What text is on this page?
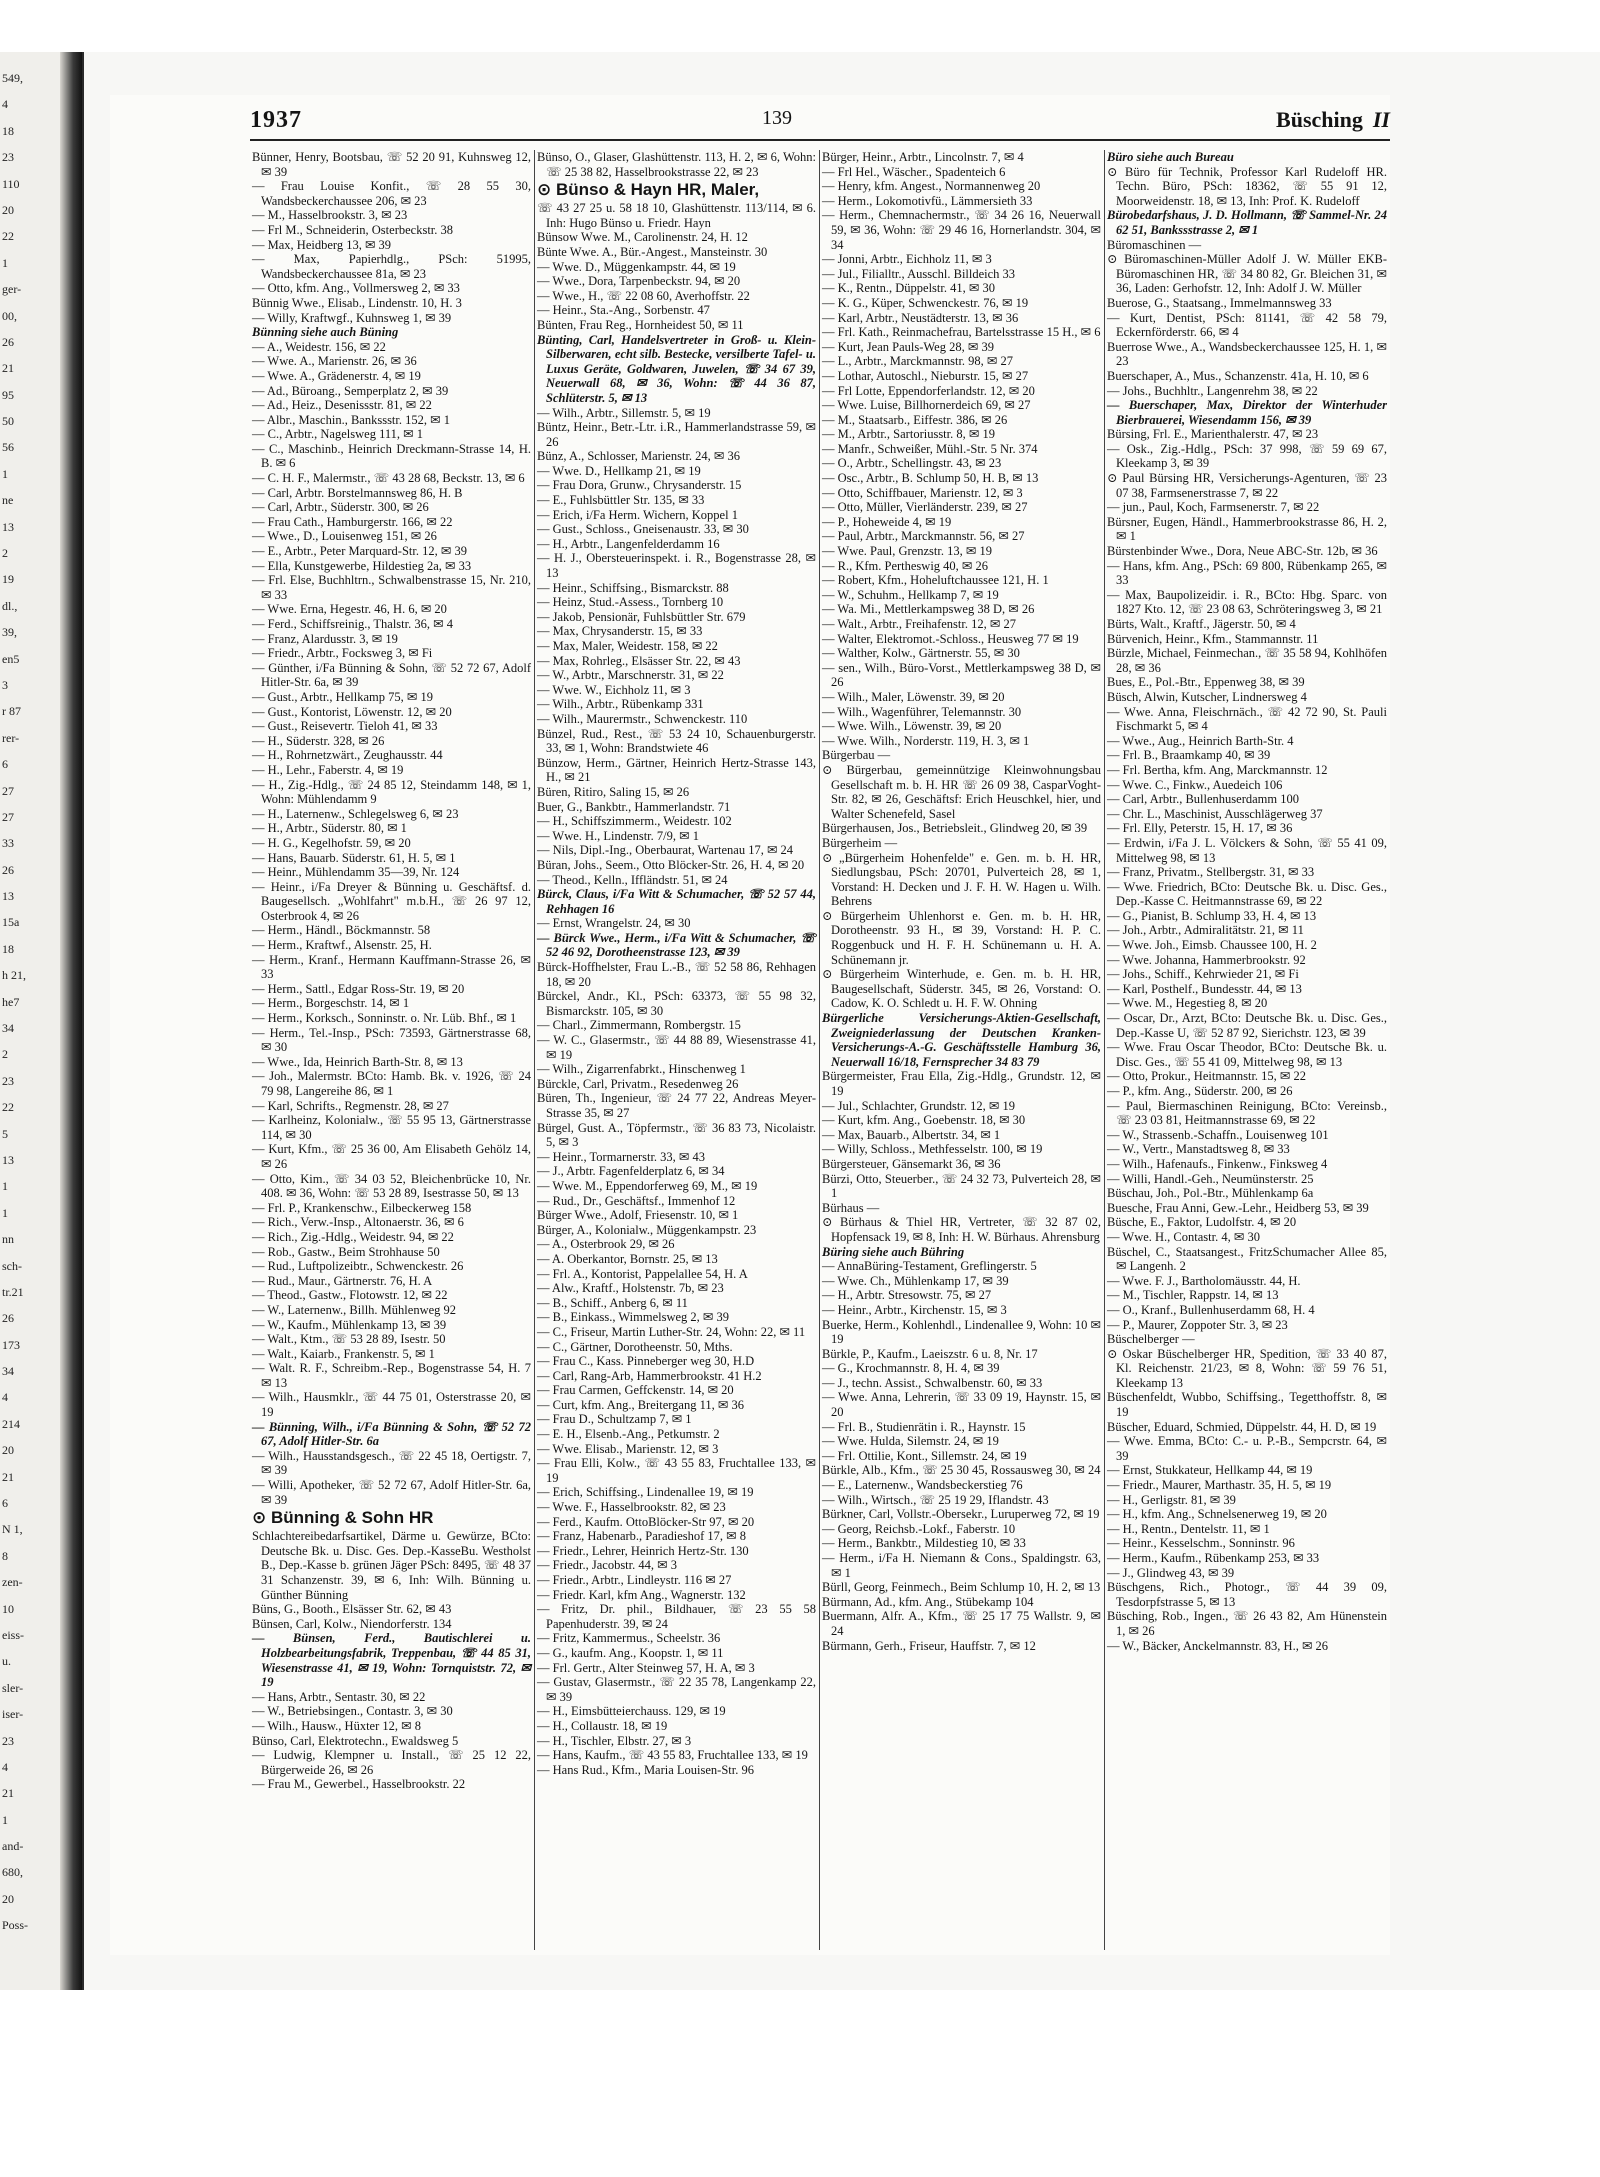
549,
4
18
23
110
20
22
1
ger-
00,
26
21
95
50
56
1
ne
13
2
19
dl.,
39,
en5
3
r 87
rer-
6
27
27
33
26
13
15a
18
h 21,
he7
34
2
23
22
5
13
1
1
nn
sch-
tr.21
26
173
34
4
214
20
21
6
N 1,
8
zen-
10
eiss-
u.
sler-
iser-
23
4
21
1
and-
680,
20
Poss-
1937	139	Büsching II

Bünner, Henry, Bootsbau, ☏ 52 20 91, Kuhnsweg 12, ✉ 39

— Frau Louise Konfit., ☏ 28 55 30, Wandsbeckerchaussee 206, ✉ 23

— M., Hasselbrookstr. 3, ✉ 23

— Frl M., Schneiderin, Osterbeckstr. 38

— Max, Heidberg 13, ✉ 39

— Max, Papierhdlg., PSch: 51995, Wandsbeckerchaussee 81a, ✉ 23

— Otto, kfm. Ang., Vollmersweg 2, ✉ 33

Bünnig Wwe., Elisab., Lindenstr. 10, H. 3

— Willy, Kraftwgf., Kuhnsweg 1, ✉ 39

Bünning siehe auch Büning

— A., Weidestr. 156, ✉ 22

— Wwe. A., Marienstr. 26, ✉ 36

— Wwe. A., Grädenerstr. 4, ✉ 19

— Ad., Büroang., Semperplatz 2, ✉ 39

— Ad., Heiz., Desenissstr. 81, ✉ 22

— Albr., Maschin., Bankssstr. 152, ✉ 1

— C., Arbtr., Nagelsweg 111, ✉ 1

— C., Maschinb., Heinrich Dreckmann-Strasse 14, H. B. ✉ 6

— C. H. F., Malermstr., ☏ 43 28 68, Beckstr. 13, ✉ 6

— Carl, Arbtr. Borstelmannsweg 86, H. B

— Carl, Arbtr., Süderstr. 300, ✉ 26

— Frau Cath., Hamburgerstr. 166, ✉ 22

— Wwe., D., Louisenweg 151, ✉ 26

— E., Arbtr., Peter Marquard-Str. 12, ✉ 39

— Ella, Kunstgewerbe, Hildestieg 2a, ✉ 33

— Frl. Else, Buchhltrn., Schwalbenstrasse 15, Nr. 210, ✉ 33

— Wwe. Erna, Hegestr. 46, H. 6, ✉ 20

— Ferd., Schiffsreinig., Thalstr. 36, ✉ 4

— Franz, Alardusstr. 3, ✉ 19

— Friedr., Arbtr., Focksweg 3, ✉ Fi

— Günther, i/Fa Bünning & Sohn, ☏ 52 72 67, Adolf Hitler-Str. 6a, ✉ 39

— Gust., Arbtr., Hellkamp 75, ✉ 19

— Gust., Kontorist, Löwenstr. 12, ✉ 20

— Gust., Reisevertr. Tieloh 41, ✉ 33

— H., Süderstr. 328, ✉ 26

— H., Rohrnetzwärt., Zeughausstr. 44

— H., Lehr., Faberstr. 4, ✉ 19

— H., Zig.-Hdlg., ☏ 24 85 12, Steindamm 148, ✉ 1, Wohn: Mühlendamm 9

— H., Laternenw., Schlegelsweg 6, ✉ 23

— H., Arbtr., Süderstr. 80, ✉ 1

— H. G., Kegelhofstr. 59, ✉ 20

— Hans, Bauarb. Süderstr. 61, H. 5, ✉ 1

— Heinr., Mühlendamm 35—39, Nr. 124

— Heinr., i/Fa Dreyer & Bünning u. Geschäftsf. d. Baugesellsch. „Wohlfahrt" m.b.H., ☏ 26 97 12, Osterbrook 4, ✉ 26

— Herm., Händl., Böckmannstr. 58

— Herm., Kraftwf., Alsenstr. 25, H.

— Herm., Kranf., Hermann Kauffmann-Strasse 26, ✉ 33

— Herm., Sattl., Edgar Ross-Str. 19, ✉ 20

— Herm., Borgeschstr. 14, ✉ 1

— Herm., Korksch., Sonninstr. o. Nr. Lüb. Bhf., ✉ 1

— Herm., Tel.-Insp., PSch: 73593, Gärtnerstrasse 68, ✉ 30

— Wwe., Ida, Heinrich Barth-Str. 8, ✉ 13

— Joh., Malermstr. BCto: Hamb. Bk. v. 1926, ☏ 24 79 98, Langereihe 86, ✉ 1

— Karl, Schrifts., Regmenstr. 28, ✉ 27

— Karlheinz, Kolonialw., ☏ 55 95 13, Gärtnerstrasse 114, ✉ 30

— Kurt, Kfm., ☏ 25 36 00, Am Elisabeth Gehölz 14, ✉ 26

— Otto, Kim., ☏ 34 03 52, Bleichenbrücke 10, Nr. 408. ✉ 36, Wohn: ☏ 53 28 89, Isestrasse 50, ✉ 13

— Frl. P., Krankenschw., Eilbeckerweg 158

— Rich., Verw.-Insp., Altonaerstr. 36, ✉ 6

— Rich., Zig.-Hdlg., Weidestr. 94, ✉ 22

— Rob., Gastw., Beim Strohhause 50

— Rud., Luftpolizeibtr., Schwenckestr. 26

— Rud., Maur., Gärtnerstr. 76, H. A

— Theod., Gastw., Flotowstr. 12, ✉ 22

— W., Laternenw., Billh. Mühlenweg 92

— W., Kaufm., Mühlenkamp 13, ✉ 39

— Walt., Ktm., ☏ 53 28 89, Isestr. 50

— Walt., Kaiarb., Frankenstr. 5, ✉ 1

— Walt. R. F., Schreibm.-Rep., Bogenstrasse 54, H. 7 ✉ 13

— Wilh., Hausmklr., ☏ 44 75 01, Osterstrasse 20, ✉ 19

— Bünning, Wilh., i/Fa Bünning & Sohn, ☏ 52 72 67, Adolf Hitler-Str. 6a

— Wilh., Hausstandsgesch., ☏ 22 45 18, Oertigstr. 7, ✉ 39

— Willi, Apotheker, ☏ 52 72 67, Adolf Hitler-Str. 6a, ✉ 39

⊙ Bünning & Sohn HR

Schlachtereibedarfsartikel, Därme u. Gewürze, BCto: Deutsche Bk. u. Disc. Ges. Dep.-KasseBu. Westholst B., Dep.-Kasse b. grünen Jäger PSch: 8495, ☏ 48 37 31 Schanzenstr. 39, ✉ 6, Inh: Wilh. Bünning u. Günther Bünning

Büns, G., Booth., Elsässer Str. 62, ✉ 43

Bünsen, Carl, Kolw., Niendorferstr. 134

— Bünsen, Ferd., Bautischlerei u. Holzbearbeitungsfabrik, Treppenbau, ☏ 44 85 31, Wiesenstrasse 41, ✉ 19, Wohn: Tornquiststr. 72, ✉ 19

— Hans, Arbtr., Sentastr. 30, ✉ 22

— W., Betriebsingen., Contastr. 3, ✉ 30

— Wilh., Hausw., Hüxter 12, ✉ 8

Bünso, Carl, Elektrotechn., Ewaldsweg 5

— Ludwig, Klempner u. Install., ☏ 25 12 22, Bürgerweide 26, ✉ 26

— Frau M., Gewerbel., Hasselbrookstr. 22

Bünso, O., Glaser, Glashüttenstr. 113, H. 2, ✉ 6, Wohn: ☏ 25 38 82, Hasselbrookstrasse 22, ✉ 23

⊙ Bünso & Hayn HR, Maler,

☏ 43 27 25 u. 58 18 10, Glashüttenstr. 113/114, ✉ 6. Inh: Hugo Bünso u. Friedr. Hayn

Bünsow Wwe. M., Carolinenstr. 24, H. 12

Bünte Wwe. A., Bür.-Angest., Mansteinstr. 30

— Wwe. D., Müggenkampstr. 44, ✉ 19

— Wwe., Dora, Tarpenbeckstr. 94, ✉ 20

— Wwe., H., ☏ 22 08 60, Averhoffstr. 22

— Heinr., Sta.-Ang., Sorbenstr. 47

Bünten, Frau Reg., Hornheidest 50, ✉ 11

Bünting, Carl, Handelsvertreter in Groß- u. Klein-Silberwaren, echt silb. Bestecke, versilberte Tafel- u. Luxus Geräte, Goldwaren, Juwelen, ☏ 34 67 39, Neuerwall 68, ✉ 36, Wohn: ☏ 44 36 87, Schlüterstr. 5, ✉ 13

— Wilh., Arbtr., Sillemstr. 5, ✉ 19

Büntz, Heinr., Betr.-Ltr. i.R., Hammerlandstrasse 59, ✉ 26

Bünz, A., Schlosser, Marienstr. 24, ✉ 36

— Wwe. D., Hellkamp 21, ✉ 19

— Frau Dora, Grunw., Chrysanderstr. 15

— E., Fuhlsbüttler Str. 135, ✉ 33

— Erich, i/Fa Herm. Wichern, Koppel 1

— Gust., Schloss., Gneisenaustr. 33, ✉ 30

— H., Arbtr., Langenfelderdamm 16

— H. J., Obersteuerinspekt. i. R., Bogenstrasse 28, ✉ 13

— Heinr., Schiffsing., Bismarckstr. 88

— Heinz, Stud.-Assess., Tornberg 10

— Jakob, Pensionär, Fuhlsbüttler Str. 679

— Max, Chrysanderstr. 15, ✉ 33

— Max, Maler, Weidestr. 158, ✉ 22

— Max, Rohrleg., Elsässer Str. 22, ✉ 43

— W., Arbtr., Marschnerstr. 31, ✉ 22

— Wwe. W., Eichholz 11, ✉ 3

— Wilh., Arbtr., Rübenkamp 331

— Wilh., Maurermstr., Schwenckestr. 110

Bünzel, Rud., Rest., ☏ 53 24 10, Schauenburgerstr. 33, ✉ 1, Wohn: Brandstwiete 46

Bünzow, Herm., Gärtner, Heinrich Hertz-Strasse 143, H., ✉ 21

Büren, Ritiro, Saling 15, ✉ 26

Buer, G., Bankbtr., Hammerlandstr. 71

— H., Schiffszimmerm., Weidestr. 102

— Wwe. H., Lindenstr. 7/9, ✉ 1

— Nils, Dipl.-Ing., Oberbaurat, Wartenau 17, ✉ 24

Büran, Johs., Seem., Otto Blöcker-Str. 26, H. 4, ✉ 20

— Theod., Kelln., Iffländstr. 51, ✉ 24

Bürck, Claus, i/Fa Witt & Schumacher, ☏ 52 57 44, Rehhagen 16

— Ernst, Wrangelstr. 24, ✉ 30

— Bürck Wwe., Herm., i/Fa Witt & Schumacher, ☏ 52 46 92, Dorotheenstrasse 123, ✉ 39

Bürck-Hoffhelster, Frau L.-B., ☏ 52 58 86, Rehhagen 18, ✉ 20

Bürckel, Andr., Kl., PSch: 63373, ☏ 55 98 32, Bismarckstr. 105, ✉ 30

— Charl., Zimmermann, Rombergstr. 15

— W. C., Glasermstr., ☏ 44 88 89, Wiesenstrasse 41, ✉ 19

— Wilh., Zigarrenfabrkt., Hinschenweg 1

Bürckle, Carl, Privatm., Resedenweg 26

Büren, Th., Ingenieur, ☏ 24 77 22, Andreas Meyer-Strasse 35, ✉ 27

Bürgel, Gust. A., Töpfermstr., ☏ 36 83 73, Nicolaistr. 5, ✉ 3

— Heinr., Tormarnerstr. 33, ✉ 43

— J., Arbtr. Fagenfelderplatz 6, ✉ 34

— Wwe. M., Eppendorferweg 69, M., ✉ 19

— Rud., Dr., Geschäftsf., Immenhof 12

Bürger Wwe., Adolf, Friesenstr. 10, ✉ 1

Bürger, A., Kolonialw., Müggenkampstr. 23

— A., Osterbrook 29, ✉ 26

— A. Oberkantor, Bornstr. 25, ✉ 13

— Frl. A., Kontorist, Pappelallee 54, H. A

— Alw., Kraftf., Holstenstr. 7b, ✉ 23

— B., Schiff., Anberg 6, ✉ 11

— B., Einkass., Wimmelsweg 2, ✉ 39

— C., Friseur, Martin Luther-Str. 24, Wohn: 22, ✉ 11

— C., Gärtner, Dorotheenstr. 50, Mths.

— Frau C., Kass. Pinneberger weg 30, H.D

— Carl, Rang-Arb, Hammerbrookstr. 41 H.2

— Frau Carmen, Geffckenstr. 14, ✉ 20

— Curt, kfm. Ang., Breitergang 11, ✉ 36

— Frau D., Schultzamp 7, ✉ 1

— E. H., Elsenb.-Ang., Petkumstr. 2

— Wwe. Elisab., Marienstr. 12, ✉ 3

— Frau Elli, Kolw., ☏ 43 55 83, Fruchtallee 133, ✉ 19

— Erich, Schiffsing., Lindenallee 19, ✉ 19

— Wwe. F., Hasselbrookstr. 82, ✉ 23

— Ferd., Kaufm. OttoBlöcker-Str 97, ✉ 20

— Franz, Habenarb., Paradieshof 17, ✉ 8

— Friedr., Lehrer, Heinrich Hertz-Str. 130

— Friedr., Jacobstr. 44, ✉ 3

— Friedr., Arbtr., Lindleystr. 116 ✉ 27

— Friedr. Karl, kfm Ang., Wagnerstr. 132

— Fritz, Dr. phil., Bildhauer, ☏ 23 55 58 Papenhuderstr. 39, ✉ 24

— Fritz, Kammermus., Scheelstr. 36

— G., kaufm. Ang., Koopstr. 1, ✉ 11

— Frl. Gertr., Alter Steinweg 57, H. A, ✉ 3

— Gustav, Glasermstr., ☏ 22 35 78, Langenkamp 22, ✉ 39

— H., Eimsbütteierchauss. 129, ✉ 19

— H., Collaustr. 18, ✉ 19

— H., Tischler, Elbstr. 27, ✉ 3

— Hans, Kaufm., ☏ 43 55 83, Fruchtallee 133, ✉ 19

— Hans Rud., Kfm., Maria Louisen-Str. 96

Bürger, Heinr., Arbtr., Lincolnstr. 7, ✉ 4

— Frl Hel., Wäscher., Spadenteich 6

— Henry, kfm. Angest., Normannenweg 20

— Herm., Lokomotivfü., Lämmersieth 33

— Herm., Chemnachermstr., ☏ 34 26 16, Neuerwall 59, ✉ 36, Wohn: ☏ 29 46 16, Hornerlandstr. 304, ✉ 34

— Jonni, Arbtr., Eichholz 11, ✉ 3

— Jul., Filialltr., Ausschl. Billdeich 33

— K., Rentn., Düppelstr. 41, ✉ 30

— K. G., Küper, Schwenckestr. 76, ✉ 19

— Karl, Arbtr., Neustädterstr. 13, ✉ 36

— Frl. Kath., Reinmachefrau, Bartelsstrasse 15 H., ✉ 6

— Kurt, Jean Pauls-Weg 28, ✉ 39

— L., Arbtr., Marckmannstr. 98, ✉ 27

— Lothar, Autoschl., Nieburstr. 15, ✉ 27

— Frl Lotte, Eppendorferlandstr. 12, ✉ 20

— Wwe. Luise, Billhornerdeich 69, ✉ 27

— M., Staatsarb., Eiffestr. 386, ✉ 26

— M., Arbtr., Sartoriusstr. 8, ✉ 19

— Manfr., Schweißer, Mühl.-Str. 5 Nr. 374

— O., Arbtr., Schellingstr. 43, ✉ 23

— Osc., Arbtr., B. Schlump 50, H. B, ✉ 13

— Otto, Schiffbauer, Marienstr. 12, ✉ 3

— Otto, Müller, Vierländerstr. 239, ✉ 27

— P., Hoheweide 4, ✉ 19

— Paul, Arbtr., Marckmannstr. 56, ✉ 27

— Wwe. Paul, Grenzstr. 13, ✉ 19

— R., Kfm. Pertheswig 40, ✉ 26

— Robert, Kfm., Hoheluftchaussee 121, H. 1

— W., Schuhm., Hellkamp 7, ✉ 19

— Wa. Mi., Mettlerkampsweg 38 D, ✉ 26

— Walt., Arbtr., Freihafenstr. 12, ✉ 27

— Walter, Elektromot.-Schloss., Heusweg 77 ✉ 19

— Walther, Kolw., Gärtnerstr. 55, ✉ 30

— sen., Wilh., Büro-Vorst., Mettlerkampsweg 38 D, ✉ 26

— Wilh., Maler, Löwenstr. 39, ✉ 20

— Wilh., Wagenführer, Telemannstr. 30

— Wwe. Wilh., Löwenstr. 39, ✉ 20

— Wwe. Wilh., Norderstr. 119, H. 3, ✉ 1

Bürgerbau —

⊙ Bürgerbau, gemeinnützige Kleinwohnungsbau Gesellschaft m. b. H. HR ☏ 26 09 38, CasparVoght-Str. 82, ✉ 26, Geschäftsf: Erich Heuschkel, hier, und Walter Schenefeld, Sasel

Bürgerhausen, Jos., Betriebsleit., Glindweg 20, ✉ 39

Bürgerheim —

⊙ „Bürgerheim Hohenfelde" e. Gen. m. b. H. HR, Siedlungsbau, PSch: 20701, Pulverteich 28, ✉ 1, Vorstand: H. Decken und J. F. H. W. Hagen u. Wilh. Behrens

⊙ Bürgerheim Uhlenhorst e. Gen. m. b. H. HR, Dorotheenstr. 93 H., ✉ 39, Vorstand: H. P. C. Roggenbuck und H. F. H. Schünemann u. H. A. Schünemann jr.

⊙ Bürgerheim Winterhude, e. Gen. m. b. H. HR, Baugesellschaft, Süderstr. 345, ✉ 26, Vorstand: O. Cadow, K. O. Schledt u. H. F. W. Ohning

Bürgerliche Versicherungs-Aktien-Gesellschaft, Zweigniederlassung der Deutschen Kranken-Versicherungs-A.-G. Geschäftsstelle Hamburg 36, Neuerwall 16/18, Fernsprecher 34 83 79

Bürgermeister, Frau Ella, Zig.-Hdlg., Grundstr. 12, ✉ 19

— Jul., Schlachter, Grundstr. 12, ✉ 19

— Kurt, kfm. Ang., Goebenstr. 18, ✉ 30

— Max, Bauarb., Albertstr. 34, ✉ 1

— Willy, Schloss., Methfesselstr. 100, ✉ 19

Bürgersteuer, Gänsemarkt 36, ✉ 36

Bürzi, Otto, Steuerber., ☏ 24 32 73, Pulverteich 28, ✉ 1

Bürhaus —

⊙ Bürhaus & Thiel HR, Vertreter, ☏ 32 87 02, Hopfensack 19, ✉ 8, Inh: H. W. Bürhaus. Ahrensburg

Büring siehe auch Bühring

— AnnaBüring-Testament, Greflingerstr. 5

— Wwe. Ch., Mühlenkamp 17, ✉ 39

— H., Arbtr. Stresowstr. 75, ✉ 27

— Heinr., Arbtr., Kirchenstr. 15, ✉ 3

Buerke, Herm., Kohlenhdl., Lindenallee 9, Wohn: 10 ✉ 19

Bürkle, P., Kaufm., Laeiszstr. 6 u. 8, Nr. 17

— G., Krochmannstr. 8, H. 4, ✉ 39

— J., techn. Assist., Schwalbenstr. 60, ✉ 33

— Wwe. Anna, Lehrerin, ☏ 33 09 19, Haynstr. 15, ✉ 20

— Frl. B., Studienrätin i. R., Haynstr. 15

— Wwe. Hulda, Silemstr. 24, ✉ 19

— Frl. Ottilie, Kont., Sillemstr. 24, ✉ 19

Bürkle, Alb., Kfm., ☏ 25 30 45, Rossausweg 30, ✉ 24

— E., Laternenw., Wandsbeckerstieg 76

— Wilh., Wirtsch., ☏ 25 19 29, Iflandstr. 43

Bürkner, Carl, Vollstr.-Obersekr., Luruperweg 72, ✉ 19

— Georg, Reichsb.-Lokf., Faberstr. 10

— Herm., Bankbtr., Mildestieg 10, ✉ 33

— Herm., i/Fa H. Niemann & Cons., Spaldingstr. 63, ✉ 1

Bürll, Georg, Feinmech., Beim Schlump 10, H. 2, ✉ 13

Bürmann, Ad., kfm. Ang., Stübekamp 104

Buermann, Alfr. A., Kfm., ☏ 25 17 75 Wallstr. 9, ✉ 24

Bürmann, Gerh., Friseur, Hauffstr. 7, ✉ 12

Büro siehe auch Bureau

⊙ Büro für Technik, Professor Karl Rudeloff HR. Techn. Büro, PSch: 18362, ☏ 55 91 12, Moorweidenstr. 18, ✉ 13, Inh: Prof. K. Rudeloff

Bürobedarfshaus, J. D. Hollmann, ☏ Sammel-Nr. 24 62 51, Bankssstrasse 2, ✉ 1

Büromaschinen —

⊙ Büromaschinen-Müller Adolf J. W. Müller EKB-Büromaschinen HR, ☏ 34 80 82, Gr. Bleichen 31, ✉ 36, Laden: Gerhofstr. 12, Inh: Adolf J. W. Müller

Buerose, G., Staatsang., Immelmannsweg 33

— Kurt, Dentist, PSch: 81141, ☏ 42 58 79, Eckernförderstr. 66, ✉ 4

Buerrose Wwe., A., Wandsbeckerchaussee 125, H. 1, ✉ 23

Buerschaper, A., Mus., Schanzenstr. 41a, H. 10, ✉ 6

— Johs., Buchhltr., Langenrehm 38, ✉ 22

— Buerschaper, Max, Direktor der Winterhuder Bierbrauerei, Wiesendamm 156, ✉ 39

Bürsing, Frl. E., Marienthalerstr. 47, ✉ 23

— Osk., Zig.-Hdlg., PSch: 37 998, ☏ 59 69 67, Kleekamp 3, ✉ 39

⊙ Paul Bürsing HR, Versicherungs-Agenturen, ☏ 23 07 38, Farmsenerstrasse 7, ✉ 22

— jun., Paul, Koch, Farmsenerstr. 7, ✉ 22

Bürsner, Eugen, Händl., Hammerbrookstrasse 86, H. 2, ✉ 1

Bürstenbinder Wwe., Dora, Neue ABC-Str. 12b, ✉ 36

— Hans, kfm. Ang., PSch: 69 800, Rübenkamp 265, ✉ 33

— Max, Baupolizeidir. i. R., BCto: Hbg. Sparc. von 1827 Kto. 12, ☏ 23 08 63, Schröteringsweg 3, ✉ 21

Bürts, Walt., Kraftf., Jägerstr. 50, ✉ 4

Bürvenich, Heinr., Kfm., Stammannstr. 11

Bürzle, Michael, Feinmechan., ☏ 35 58 94, Kohlhöfen 28, ✉ 36

Bues, E., Pol.-Btr., Eppenweg 38, ✉ 39

Büsch, Alwin, Kutscher, Lindnersweg 4

— Wwe. Anna, Fleischrnäch., ☏ 42 72 90, St. Pauli Fischmarkt 5, ✉ 4

— Wwe., Aug., Heinrich Barth-Str. 4

— Frl. B., Braamkamp 40, ✉ 39

— Frl. Bertha, kfm. Ang, Marckmannstr. 12

— Wwe. C., Finkw., Auedeich 106

— Carl, Arbtr., Bullenhuserdamm 100

— Chr. L., Maschinist, Ausschlägerweg 37

— Frl. Elly, Peterstr. 15, H. 17, ✉ 36

— Erdwin, i/Fa J. L. Völckers & Sohn, ☏ 55 41 09, Mittelweg 98, ✉ 13

— Franz, Privatm., Stellbergstr. 31, ✉ 33

— Wwe. Friedrich, BCto: Deutsche Bk. u. Disc. Ges., Dep.-Kasse C. Heitmannstrasse 69, ✉ 22

— G., Pianist, B. Schlump 33, H. 4, ✉ 13

— Joh., Arbtr., Admiralitätstr. 21, ✉ 11

— Wwe. Joh., Eimsb. Chaussee 100, H. 2

— Wwe. Johanna, Hammerbrookstr. 92

— Johs., Schiff., Kehrwieder 21, ✉ Fi

— Karl, Posthelf., Bundesstr. 44, ✉ 13

— Wwe. M., Hegestieg 8, ✉ 20

— Oscar, Dr., Arzt, BCto: Deutsche Bk. u. Disc. Ges., Dep.-Kasse U, ☏ 52 87 92, Sierichstr. 123, ✉ 39

— Wwe. Frau Oscar Theodor, BCto: Deutsche Bk. u. Disc. Ges., ☏ 55 41 09, Mittelweg 98, ✉ 13

— Otto, Prokur., Heitmannstr. 15, ✉ 22

— P., kfm. Ang., Süderstr. 200, ✉ 26

— Paul, Biermaschinen Reinigung, BCto: Vereinsb., ☏ 23 03 81, Heitmannstrasse 69, ✉ 22

— W., Strassenb.-Schaffn., Louisenweg 101

— W., Vertr., Manstadtsweg 8, ✉ 33

— Wilh., Hafenaufs., Finkenw., Finksweg 4

— Willi, Handl.-Geh., Neumünsterstr. 25

Büschau, Joh., Pol.-Btr., Mühlenkamp 6a

Buesche, Frau Anni, Gew.-Lehr., Heidberg 53, ✉ 39

Büsche, E., Faktor, Ludolfstr. 4, ✉ 20

— Wwe. H., Contastr. 4, ✉ 30

Büschel, C., Staatsangest., FritzSchumacher Allee 85, ✉ Langenh. 2

— Wwe. F. J., Bartholomäusstr. 44, H.

— M., Tischler, Rappstr. 14, ✉ 13

— O., Kranf., Bullenhuserdamm 68, H. 4

— P., Maurer, Zoppoter Str. 3, ✉ 23

Büschelberger —

⊙ Oskar Büschelberger HR, Spedition, ☏ 33 40 87, Kl. Reichenstr. 21/23, ✉ 8, Wohn: ☏ 59 76 51, Kleekamp 13

Büschenfeldt, Wubbo, Schiffsing., Tegetthoffstr. 8, ✉ 19

Büscher, Eduard, Schmied, Düppelstr. 44, H. D, ✉ 19

— Wwe. Emma, BCto: C.- u. P.-B., Sempcrstr. 64, ✉ 39

— Ernst, Stukkateur, Hellkamp 44, ✉ 19

— Friedr., Maurer, Marthastr. 35, H. 5, ✉ 19

— H., Gerligstr. 81, ✉ 39

— H., kfm. Ang., Schnelsenerweg 19, ✉ 20

— H., Rentn., Dentelstr. 11, ✉ 1

— Heinr., Kesselschm., Sonninstr. 96

— Herm., Kaufm., Rübenkamp 253, ✉ 33

— J., Glindweg 43, ✉ 39

Büschgens, Rich., Photogr., ☏ 44 39 09, Tesdorpfstrasse 5, ✉ 13

Büsching, Rob., Ingen., ☏ 26 43 82, Am Hünenstein 1, ✉ 26

— W., Bäcker, Anckelmannstr. 83, H., ✉ 26
